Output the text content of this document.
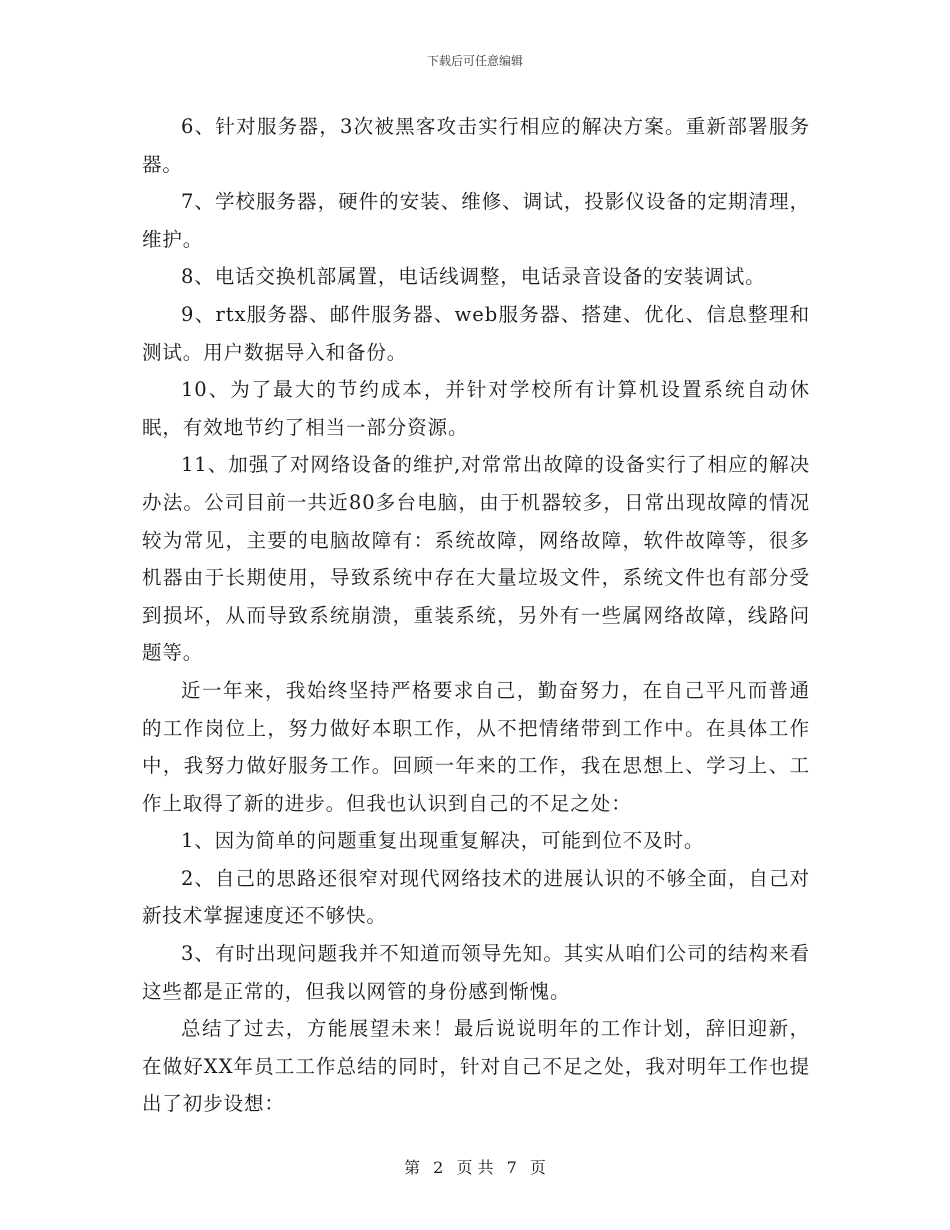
下载后可任意编辑

6、针对服务器，3次被黑客攻击实行相应的解决方案。重新部署服务器。

7、学校服务器，硬件的安装、维修、调试，投影仪设备的定期清理，维护。

8、电话交换机部属置，电话线调整，电话录音设备的安装调试。

9、rtx服务器、邮件服务器、web服务器、搭建、优化、信息整理和测试。用户数据导入和备份。

10、为了最大的节约成本，并针对学校所有计算机设置系统自动休眠，有效地节约了相当一部分资源。

11、加强了对网络设备的维护,对常常出故障的设备实行了相应的解决办法。公司目前一共近80多台电脑，由于机器较多，日常出现故障的情况较为常见，主要的电脑故障有：系统故障，网络故障，软件故障等，很多机器由于长期使用，导致系统中存在大量垃圾文件，系统文件也有部分受到损坏，从而导致系统崩溃，重装系统，另外有一些属网络故障，线路问题等。

近一年来，我始终坚持严格要求自己，勤奋努力，在自己平凡而普通的工作岗位上，努力做好本职工作，从不把情绪带到工作中。在具体工作中，我努力做好服务工作。回顾一年来的工作，我在思想上、学习上、工作上取得了新的进步。但我也认识到自己的不足之处：

1、因为简单的问题重复出现重复解决，可能到位不及时。

2、自己的思路还很窄对现代网络技术的进展认识的不够全面，自己对新技术掌握速度还不够快。

3、有时出现问题我并不知道而领导先知。其实从咱们公司的结构来看这些都是正常的，但我以网管的身份感到惭愧。

总结了过去，方能展望未来！最后说说明年的工作计划，辞旧迎新，在做好XX年员工工作总结的同时，针对自己不足之处，我对明年工作也提出了初步设想：

第 2 页 共 7 页
